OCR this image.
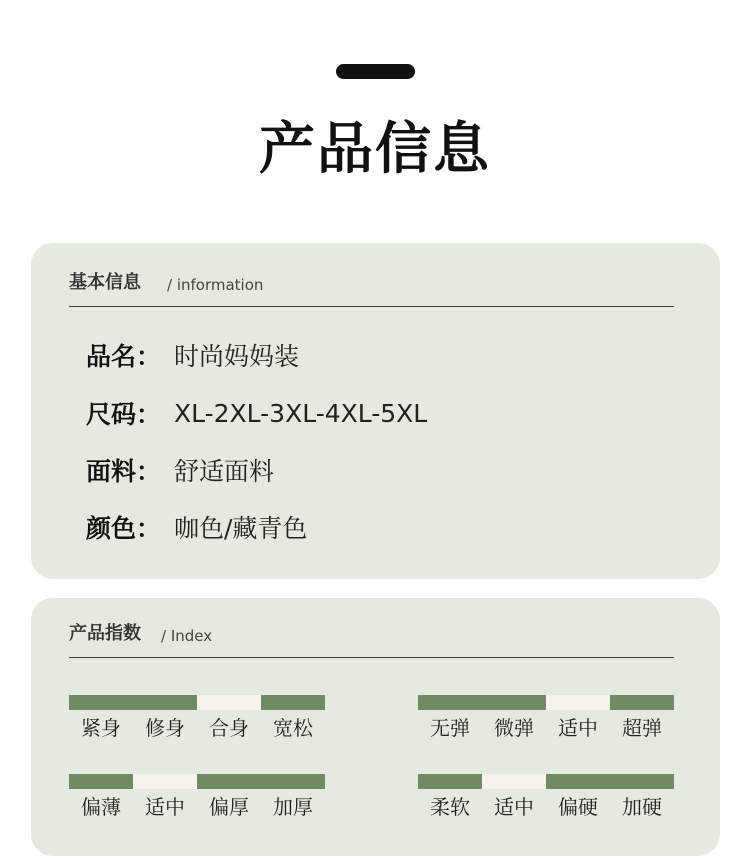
产品信息
基本信息 / information
品名： 时尚妈妈装
尺码： XL-2XL-3XL-4XL-5XL
面料： 舒适面料
颜色： 咖色/藏青色
产品指数 / Index
紧身	修身	合身	宽松	无弹	微弹	适中	超弹
偏薄	适中	偏厚	加厚	柔软	适中	偏硬	加硬
